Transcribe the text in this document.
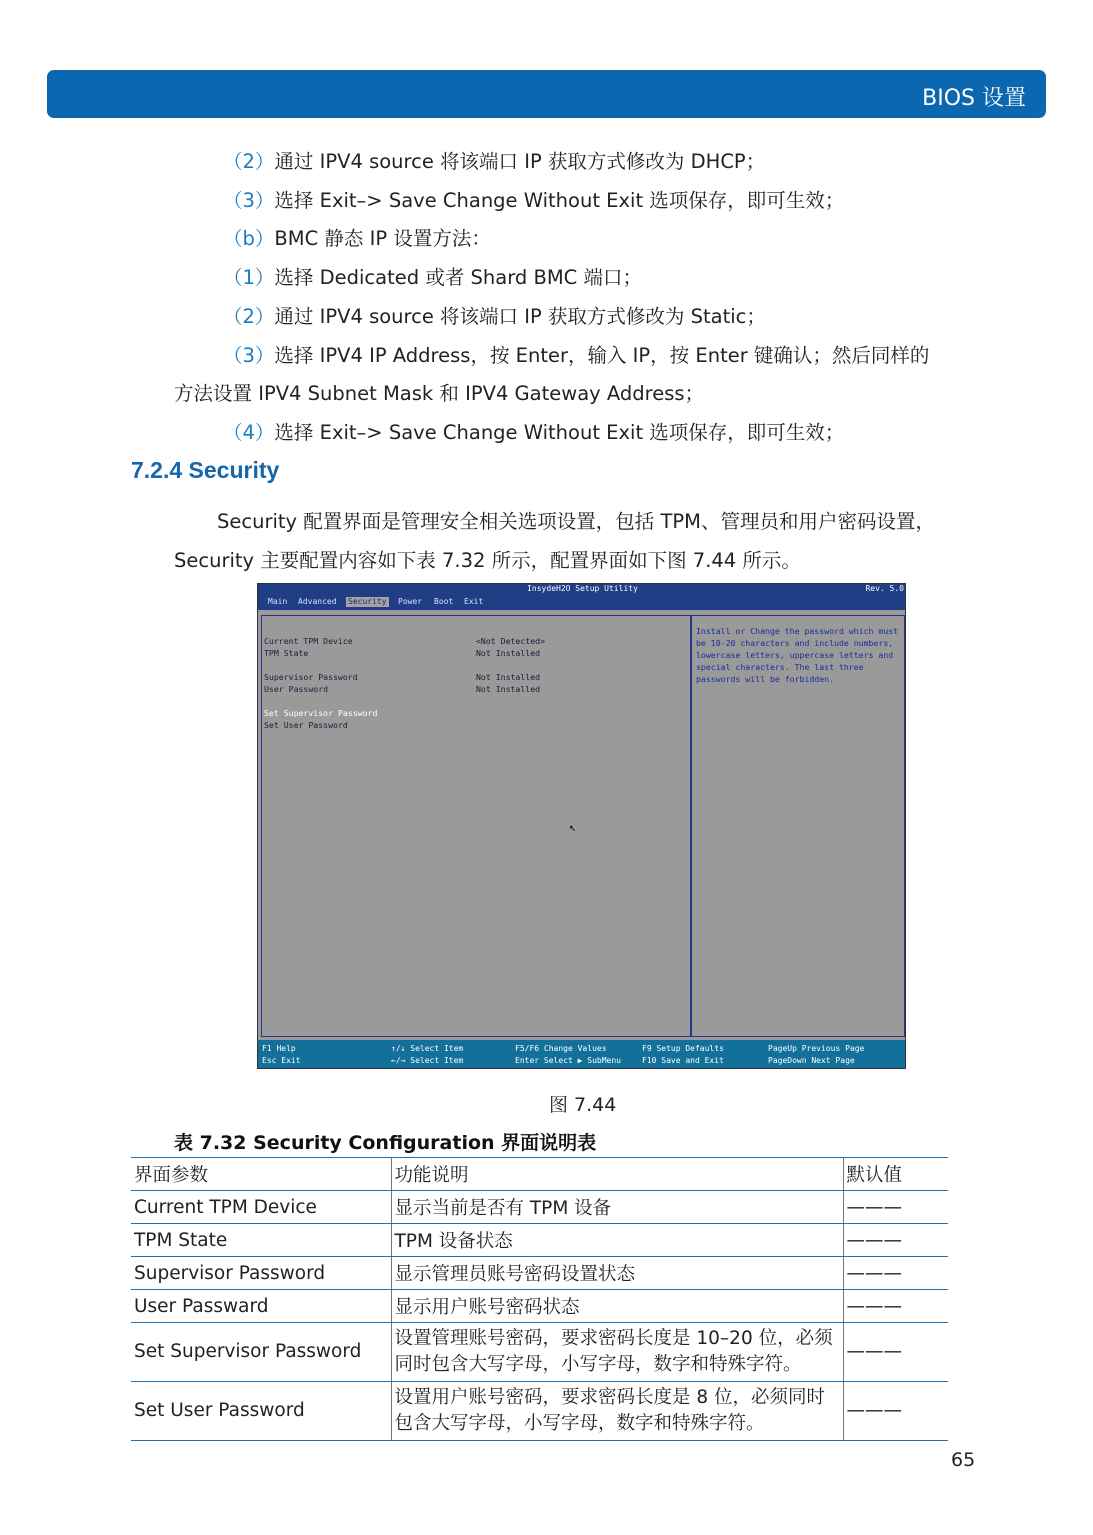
BIOS 设置
（2）通过 IPV4 source 将该端口 IP 获取方式修改为 DHCP；
（3）选择 Exit–> Save Change Without Exit 选项保存，即可生效；
（b）BMC 静态 IP 设置方法：
（1）选择 Dedicated 或者 Shard BMC 端口；
（2）通过 IPV4 source 将该端口 IP 获取方式修改为 Static；
（3）选择 IPV4 IP Address，按 Enter，输入 IP，按 Enter 键确认；然后同样的
方法设置 IPV4 Subnet Mask 和 IPV4 Gateway Address；
（4）选择 Exit–> Save Change Without Exit 选项保存，即可生效；
7.2.4 Security
Security 配置界面是管理安全相关选项设置，包括 TPM、管理员和用户密码设置，
Security 主要配置内容如下表 7.32 所示，配置界面如下图 7.44 所示。
InsydeH2O Setup Utility	Rev. 5.0
Main Advanced Security Power Boot Exit
Current TPM Device	<Not Detected>
TPM State	Not Installed
Supervisor Password	Not Installed
User Password	Not Installed
Set Supervisor Password
Set User Password
↖
Install or Change the password which must be 10-20 characters and include numbers, lowercase letters, uppercase letters and special characters. The last three passwords will be forbidden.
F1 Help
Esc Exit
↑/↓ Select Item
←/→ Select Item
F5/F6 Change Values
Enter Select ▶ SubMenu
F9 Setup Defaults
F10 Save and Exit
PageUp Previous Page
PageDown Next Page
图 7.44
表 7.32 Security Configuration 界面说明表
界面参数	功能说明	默认值
Current TPM Device	显示当前是否有 TPM 设备	———
TPM State	TPM 设备状态	———
Supervisor Password	显示管理员账号密码设置状态	———
User Passward	显示用户账号密码状态	———
Set Supervisor Password	设置管理账号密码，要求密码长度是 10–20 位，必须
同时包含大写字母，小写字母，数字和特殊字符。	———
Set User Password	设置用户账号密码，要求密码长度是 8 位，必须同时
包含大写字母，小写字母，数字和特殊字符。	———
65
